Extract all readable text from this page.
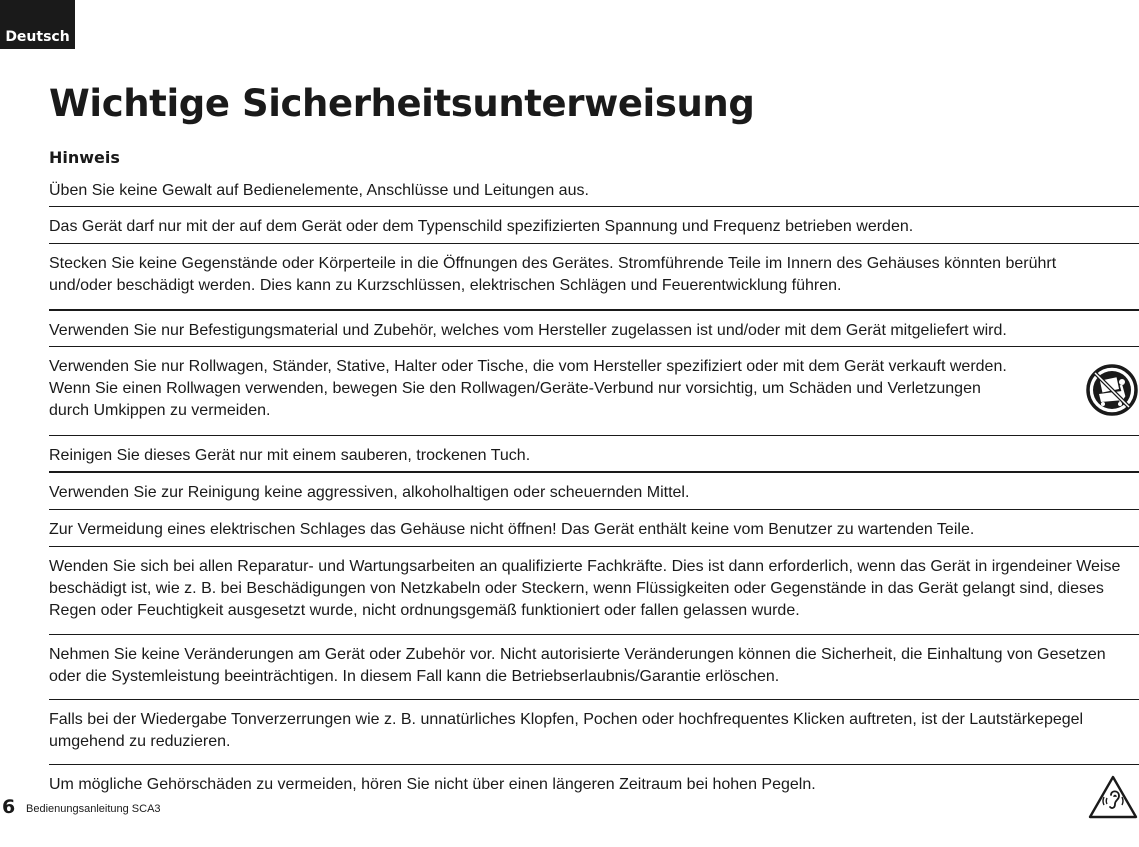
Deutsch
Wichtige Sicherheitsunterweisung
Hinweis
Üben Sie keine Gewalt auf Bedienelemente, Anschlüsse und Leitungen aus.
Das Gerät darf nur mit der auf dem Gerät oder dem Typenschild spezifizierten Spannung und Frequenz betrieben werden.
Stecken Sie keine Gegenstände oder Körperteile in die Öffnungen des Gerätes. Stromführende Teile im Innern des Gehäuses könnten berührt und/oder beschädigt werden. Dies kann zu Kurzschlüssen, elektrischen Schlägen und Feuerentwicklung führen.
Verwenden Sie nur Befestigungsmaterial und Zubehör, welches vom Hersteller zugelassen ist und/oder mit dem Gerät mitgeliefert wird.
Verwenden Sie nur Rollwagen, Ständer, Stative, Halter oder Tische, die vom Hersteller spezifiziert oder mit dem Gerät verkauft werden.
Wenn Sie einen Rollwagen verwenden, bewegen Sie den Rollwagen/Geräte-Verbund nur vorsichtig, um Schäden und Verletzungen
durch Umkippen zu vermeiden.
Reinigen Sie dieses Gerät nur mit einem sauberen, trockenen Tuch.
Verwenden Sie zur Reinigung keine aggressiven, alkoholhaltigen oder scheuernden Mittel.
Zur Vermeidung eines elektrischen Schlages das Gehäuse nicht öffnen! Das Gerät enthält keine vom Benutzer zu wartenden Teile.
Wenden Sie sich bei allen Reparatur- und Wartungsarbeiten an qualifizierte Fachkräfte. Dies ist dann erforderlich, wenn das Gerät in irgendeiner Weise beschädigt ist, wie z. B. bei Beschädigungen von Netzkabeln oder Steckern, wenn Flüssigkeiten oder Gegenstände in das Gerät gelangt sind, dieses Regen oder Feuchtigkeit ausgesetzt wurde, nicht ordnungsgemäß funktioniert oder fallen gelassen wurde.
Nehmen Sie keine Veränderungen am Gerät oder Zubehör vor. Nicht autorisierte Veränderungen können die Sicherheit, die Einhaltung von Gesetzen oder die Systemleistung beeinträchtigen. In diesem Fall kann die Betriebserlaubnis/Garantie erlöschen.
Falls bei der Wiedergabe Tonverzerrungen wie z. B. unnatürliches Klopfen, Pochen oder hochfrequentes Klicken auftreten, ist der Lautstärkepegel umgehend zu reduzieren.
Um mögliche Gehörschäden zu vermeiden, hören Sie nicht über einen längeren Zeitraum bei hohen Pegeln.
6 Bedienungsanleitung SCA3
